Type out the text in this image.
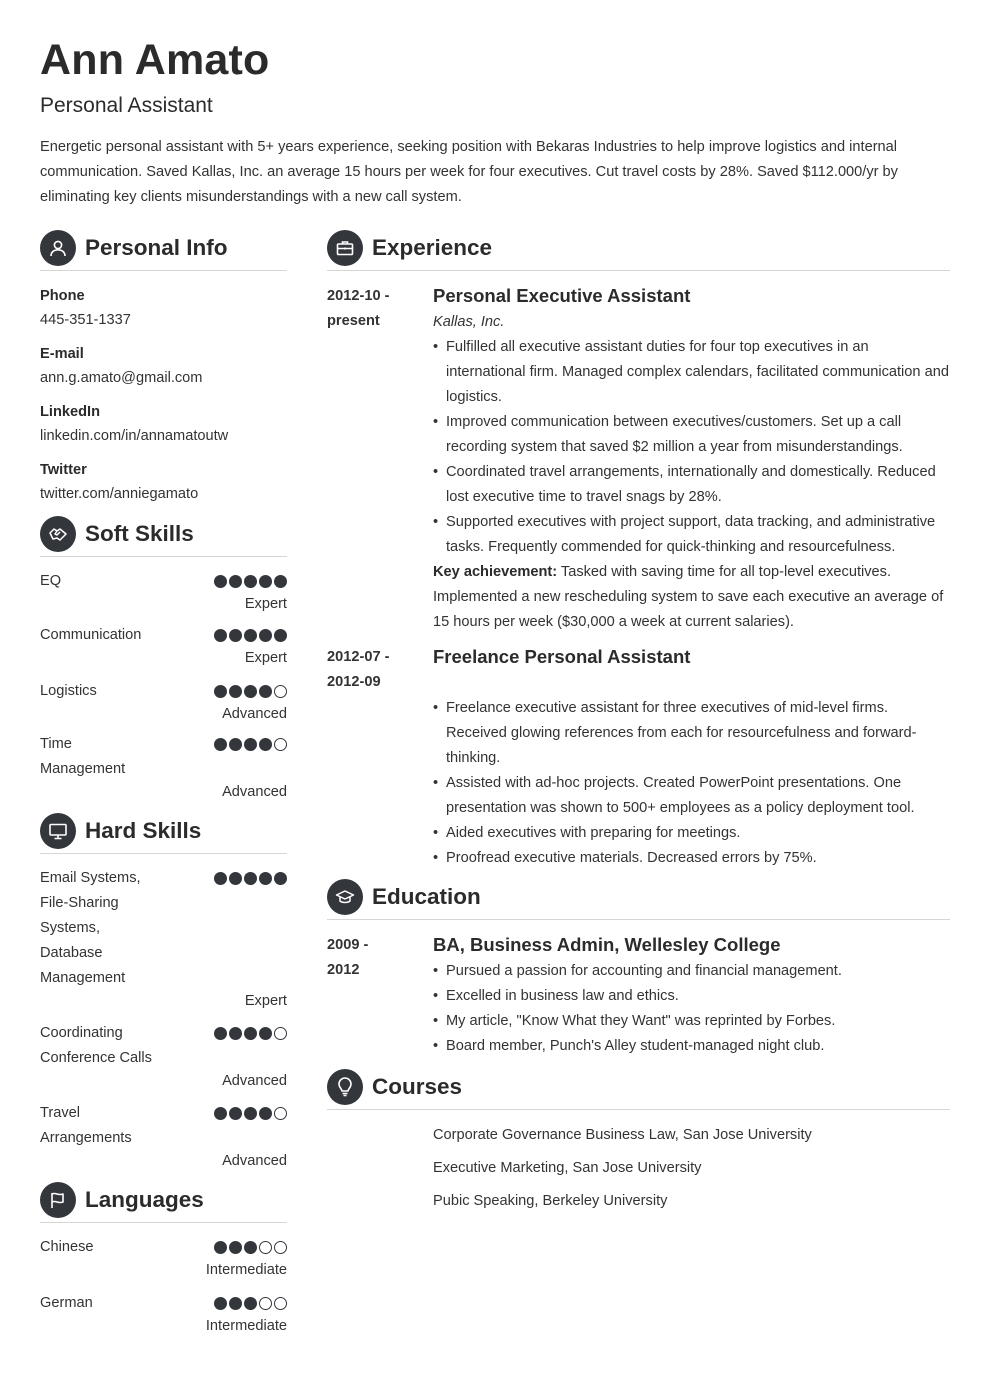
Ann Amato
Personal Assistant

Energetic personal assistant with 5+ years experience, seeking position with Bekaras Industries to help improve logistics and internal communication. Saved Kallas, Inc. an average 15 hours per week for four executives. Cut travel costs by 28%. Saved $112.000/yr by eliminating key clients misunderstandings with a new call system.

Personal Info
Phone
445-351-1337
E-mail
ann.g.amato@gmail.com
LinkedIn
linkedin.com/in/annamatoutw
Twitter
twitter.com/anniegamato
Soft Skills
EQ
Expert
Communication
Expert
Logistics
Advanced
Time Management
Advanced
Hard Skills
Email Systems, File-Sharing Systems, Database Management
Expert
Coordinating Conference Calls
Advanced
Travel Arrangements
Advanced
Languages
Chinese
Intermediate
German
Intermediate
Experience
2012-10 -
present
Personal Executive Assistant
Kallas, Inc.
• Fulfilled all executive assistant duties for four top executives in an international firm. Managed complex calendars, facilitated communication and logistics.
• Improved communication between executives/customers. Set up a call recording system that saved $2 million a year from misunderstandings.
• Coordinated travel arrangements, internationally and domestically. Reduced lost executive time to travel snags by 28%.
• Supported executives with project support, data tracking, and administrative tasks. Frequently commended for quick-thinking and resourcefulness.
Key achievement: Tasked with saving time for all top-level executives. Implemented a new rescheduling system to save each executive an average of 15 hours per week ($30,000 a week at current salaries).
2012-07 -
2012-09
Freelance Personal Assistant
• Freelance executive assistant for three executives of mid-level firms. Received glowing references from each for resourcefulness and forward-thinking.
• Assisted with ad-hoc projects. Created PowerPoint presentations. One presentation was shown to 500+ employees as a policy deployment tool.
• Aided executives with preparing for meetings.
• Proofread executive materials. Decreased errors by 75%.
Education
2009 -
2012
BA, Business Admin, Wellesley College
• Pursued a passion for accounting and financial management.
• Excelled in business law and ethics.
• My article, "Know What they Want" was reprinted by Forbes.
• Board member, Punch's Alley student-managed night club.
Courses
Corporate Governance Business Law, San Jose University
Executive Marketing, San Jose University
Pubic Speaking, Berkeley University
